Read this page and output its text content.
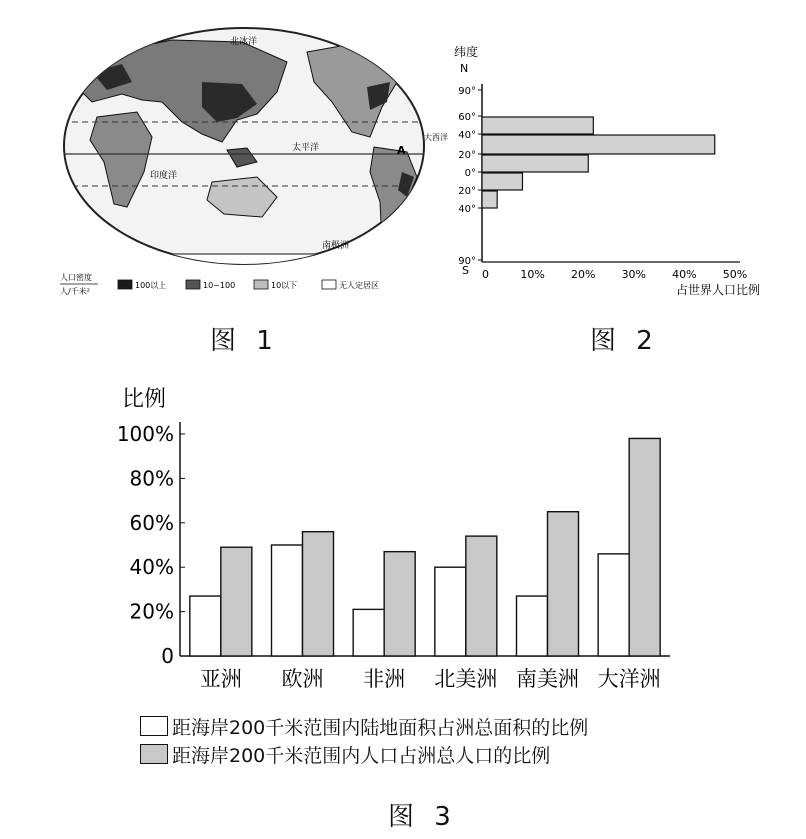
北冰洋
太平洋
印度洋
大西洋
南极洲
A
人口密度
人/千米²
100以上	10~100	10以下	无人定居区
图 1
纬度
N
S
90°
60°
40°
20°
0°
20°
40°
90°
0	10% 20% 30% 40% 50%
占世界人口比例
图 2
比例
0
20%
40%
60%
80%
100%
亚洲 欧洲 非洲 北美洲 南美洲 大洋洲
距海岸200千米范围内陆地面积占洲总面积的比例
距海岸200千米范围内人口占洲总人口的比例
图 3
